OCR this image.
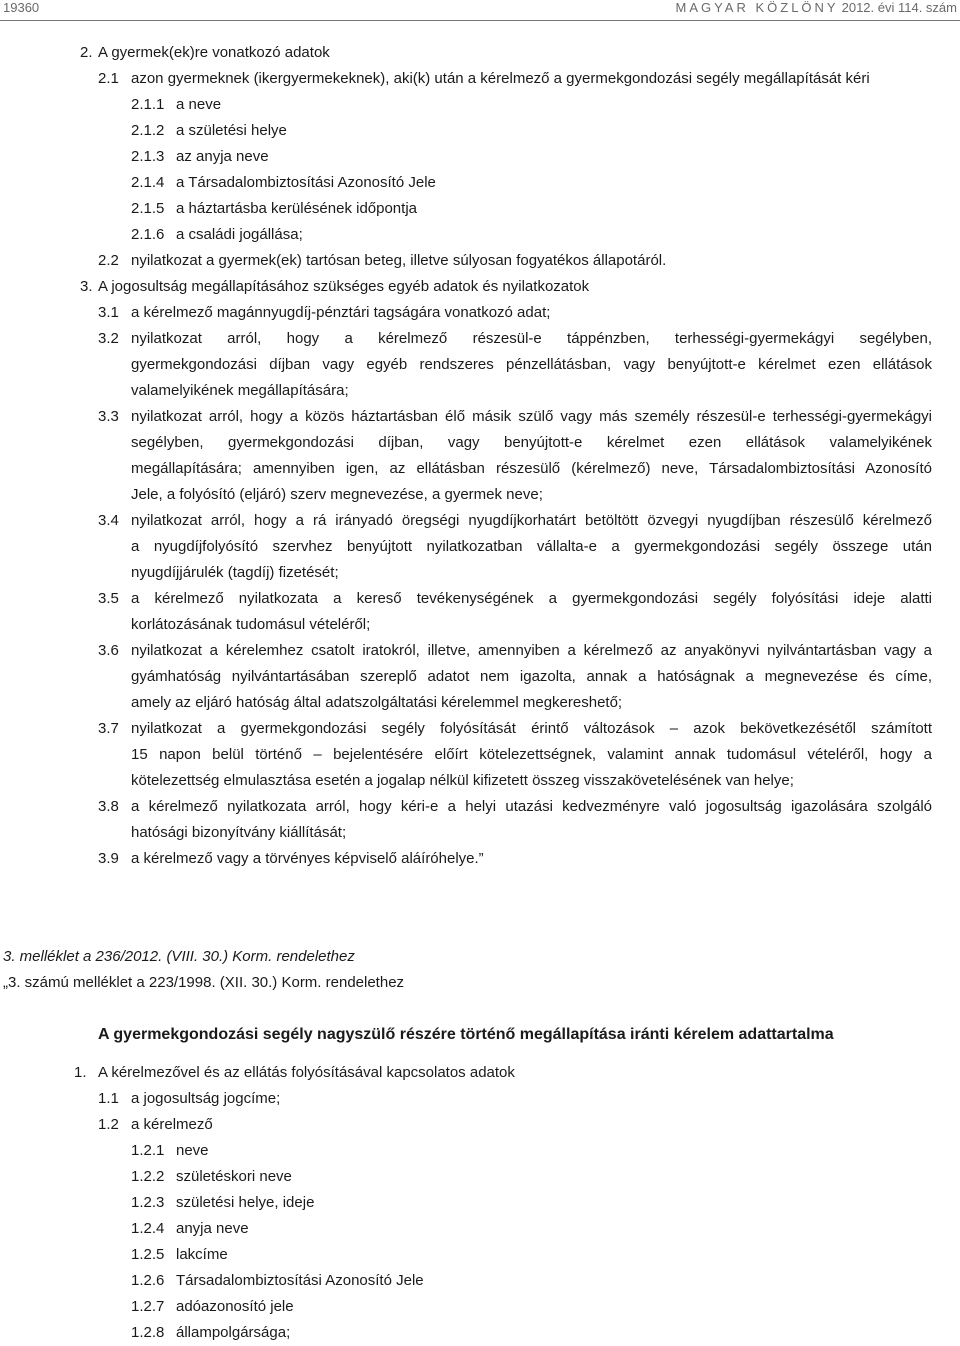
19360	MAGYAR KÖZLÖNY 2012. évi 114. szám
2. A gyermek(ek)re vonatkozó adatok
2.1 azon gyermeknek (ikergyermekeknek), aki(k) után a kérelmező a gyermekgondozási segély megállapítását kéri
2.1.1 a neve
2.1.2 a születési helye
2.1.3 az anyja neve
2.1.4 a Társadalombiztosítási Azonosító Jele
2.1.5 a háztartásba kerülésének időpontja
2.1.6 a családi jogállása;
2.2 nyilatkozat a gyermek(ek) tartósan beteg, illetve súlyosan fogyatékos állapotáról.
3. A jogosultság megállapításához szükséges egyéb adatok és nyilatkozatok
3.1 a kérelmező magánnyugdíj-pénztári tagságára vonatkozó adat;
3.2 nyilatkozat arról, hogy a kérelmező részesül-e táppénzben, terhességi-gyermekágyi segélyben,
gyermekgondozási díjban vagy egyéb rendszeres pénzellátásban, vagy benyújtott-e kérelmet ezen ellátások
valamelyikének megállapítására;
3.3 nyilatkozat arról, hogy a közös háztartásban élő másik szülő vagy más személy részesül-e terhességi-gyermekágyi
segélyben, gyermekgondozási díjban, vagy benyújtott-e kérelmet ezen ellátások valamelyikének
megállapítására; amennyiben igen, az ellátásban részesülő (kérelmező) neve, Társadalombiztosítási Azonosító
Jele, a folyósító (eljáró) szerv megnevezése, a gyermek neve;
3.4 nyilatkozat arról, hogy a rá irányadó öregségi nyugdíjkorhatárt betöltött özvegyi nyugdíjban részesülő kérelmező
a nyugdíjfolyósító szervhez benyújtott nyilatkozatban vállalta-e a gyermekgondozási segély összege után
nyugdíjjárulék (tagdíj) fizetését;
3.5 a kérelmező nyilatkozata a kereső tevékenységének a gyermekgondozási segély folyósítási ideje alatti
korlátozásának tudomásul vételéről;
3.6 nyilatkozat a kérelemhez csatolt iratokról, illetve, amennyiben a kérelmező az anyakönyvi nyilvántartásban vagy a
gyámhatóság nyilvántartásában szereplő adatot nem igazolta, annak a hatóságnak a megnevezése és címe,
amely az eljáró hatóság által adatszolgáltatási kérelemmel megkereshető;
3.7 nyilatkozat a gyermekgondozási segély folyósítását érintő változások – azok bekövetkezésétől számított
15 napon belül történő – bejelentésére előírt kötelezettségnek, valamint annak tudomásul vételéről, hogy a
kötelezettség elmulasztása esetén a jogalap nélkül kifizetett összeg visszakövetelésének van helye;
3.8 a kérelmező nyilatkozata arról, hogy kéri-e a helyi utazási kedvezményre való jogosultság igazolására szolgáló
hatósági bizonyítvány kiállítását;
3.9 a kérelmező vagy a törvényes képviselő aláíróhelye.”
3. melléklet a 236/2012. (VIII. 30.) Korm. rendelethez
„3. számú melléklet a 223/1998. (XII. 30.) Korm. rendelethez
A gyermekgondozási segély nagyszülő részére történő megállapítása iránti kérelem adattartalma
1. A kérelmezővel és az ellátás folyósításával kapcsolatos adatok
1.1 a jogosultság jogcíme;
1.2 a kérelmező
1.2.1 neve
1.2.2 születéskori neve
1.2.3 születési helye, ideje
1.2.4 anyja neve
1.2.5 lakcíme
1.2.6 Társadalombiztosítási Azonosító Jele
1.2.7 adóazonosító jele
1.2.8 állampolgársága;
